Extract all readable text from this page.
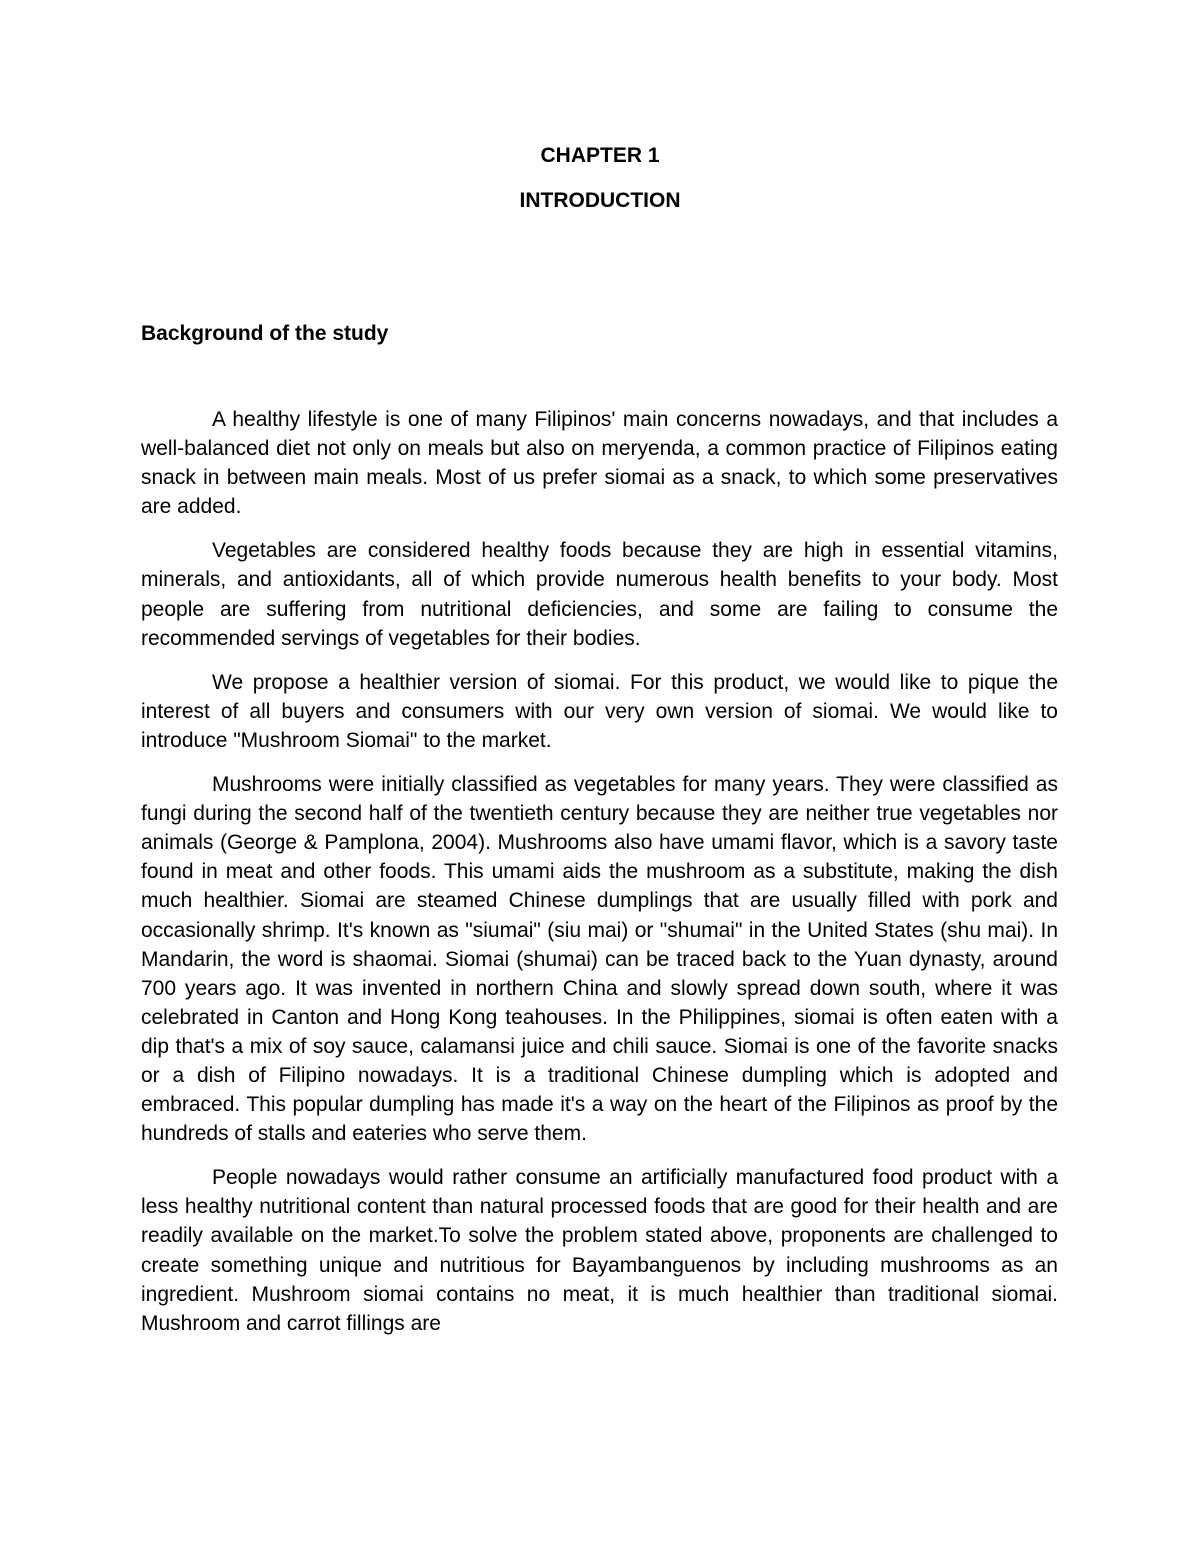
CHAPTER 1
INTRODUCTION
Background of the study

A healthy lifestyle is one of many Filipinos' main concerns nowadays, and that includes a well-balanced diet not only on meals but also on meryenda, a common practice of Filipinos eating snack in between main meals. Most of us prefer siomai as a snack, to which some preservatives are added.

Vegetables are considered healthy foods because they are high in essential vitamins, minerals, and antioxidants, all of which provide numerous health benefits to your body. Most people are suffering from nutritional deficiencies, and some are failing to consume the recommended servings of vegetables for their bodies.

We propose a healthier version of siomai. For this product, we would like to pique the interest of all buyers and consumers with our very own version of siomai. We would like to introduce "Mushroom Siomai" to the market.

Mushrooms were initially classified as vegetables for many years. They were classified as fungi during the second half of the twentieth century because they are neither true vegetables nor animals (George & Pamplona, 2004). Mushrooms also have umami flavor, which is a savory taste found in meat and other foods. This umami aids the mushroom as a substitute, making the dish much healthier. Siomai are steamed Chinese dumplings that are usually filled with pork and occasionally shrimp. It's known as "siumai" (siu mai) or "shumai" in the United States (shu mai). In Mandarin, the word is shaomai. Siomai (shumai) can be traced back to the Yuan dynasty, around 700 years ago. It was invented in northern China and slowly spread down south, where it was celebrated in Canton and Hong Kong teahouses. In the Philippines, siomai is often eaten with a dip that's a mix of soy sauce, calamansi juice and chili sauce. Siomai is one of the favorite snacks or a dish of Filipino nowadays. It is a traditional Chinese dumpling which is adopted and embraced. This popular dumpling has made it's a way on the heart of the Filipinos as proof by the hundreds of stalls and eateries who serve them.

People nowadays would rather consume an artificially manufactured food product with a less healthy nutritional content than natural processed foods that are good for their health and are readily available on the market.To solve the problem stated above, proponents are challenged to create something unique and nutritious for Bayambanguenos by including mushrooms as an ingredient. Mushroom siomai contains no meat, it is much healthier than traditional siomai. Mushroom and carrot fillings are
